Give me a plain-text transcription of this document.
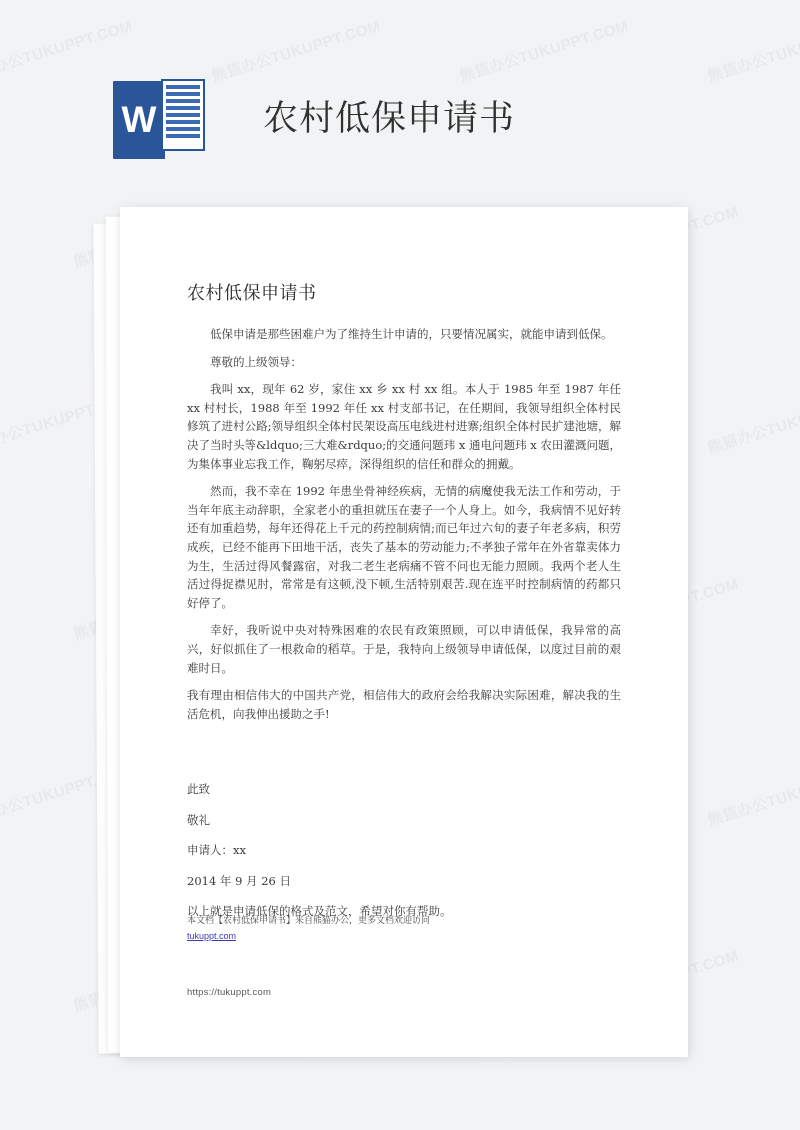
W	农村低保申请书
农村低保申请书

低保申请是那些困难户为了维持生计申请的，只要情况属实，就能申请到低保。

尊敬的上级领导：

我叫 xx，现年 62 岁，家住 xx 乡 xx 村 xx 组。本人于 1985 年至 1987 年任 xx 村村长，1988 年至 1992 年任 xx 村支部书记，在任期间，我领导组织全体村民修筑了进村公路;领导组织全体村民架设高压电线进村进寨;组织全体村民扩建池塘，解决了当时头等&ldquo;三大难&rdquo;的交通问题玮 x 通电问题玮 x 农田灌溉问题，为集体事业忘我工作，鞠躬尽瘁，深得组织的信任和群众的拥戴。

然而，我不幸在 1992 年患坐骨神经疾病，无情的病魔使我无法工作和劳动，于当年年底主动辞职，全家老小的重担就压在妻子一个人身上。如今，我病情不见好转还有加重趋势，每年还得花上千元的药控制病情;而已年过六旬的妻子年老多病，积劳成疾，已经不能再下田地干活，丧失了基本的劳动能力;不孝独子常年在外省靠卖体力为生，生活过得风餐露宿，对我二老生老病痛不管不问也无能力照顾。我两个老人生活过得捉襟见肘，常常是有这顿,没下顿,生活特别艰苦.现在连平时控制病情的药都只好停了。

幸好，我听说中央对特殊困难的农民有政策照顾，可以申请低保，我异常的高兴，好似抓住了一根救命的稻草。于是，我特向上级领导申请低保，以度过目前的艰难时日。

我有理由相信伟大的中国共产党，相信伟大的政府会给我解决实际困难，解决我的生活危机，向我伸出援助之手!

此致

敬礼

申请人：xx

2014 年 9 月 26 日

以上就是申请低保的格式及范文，希望对你有帮助。

本文档【农村低保申请书】来自熊猫办公，更多文档欢迎访问
tukuppt.com
https://tukuppt.com
